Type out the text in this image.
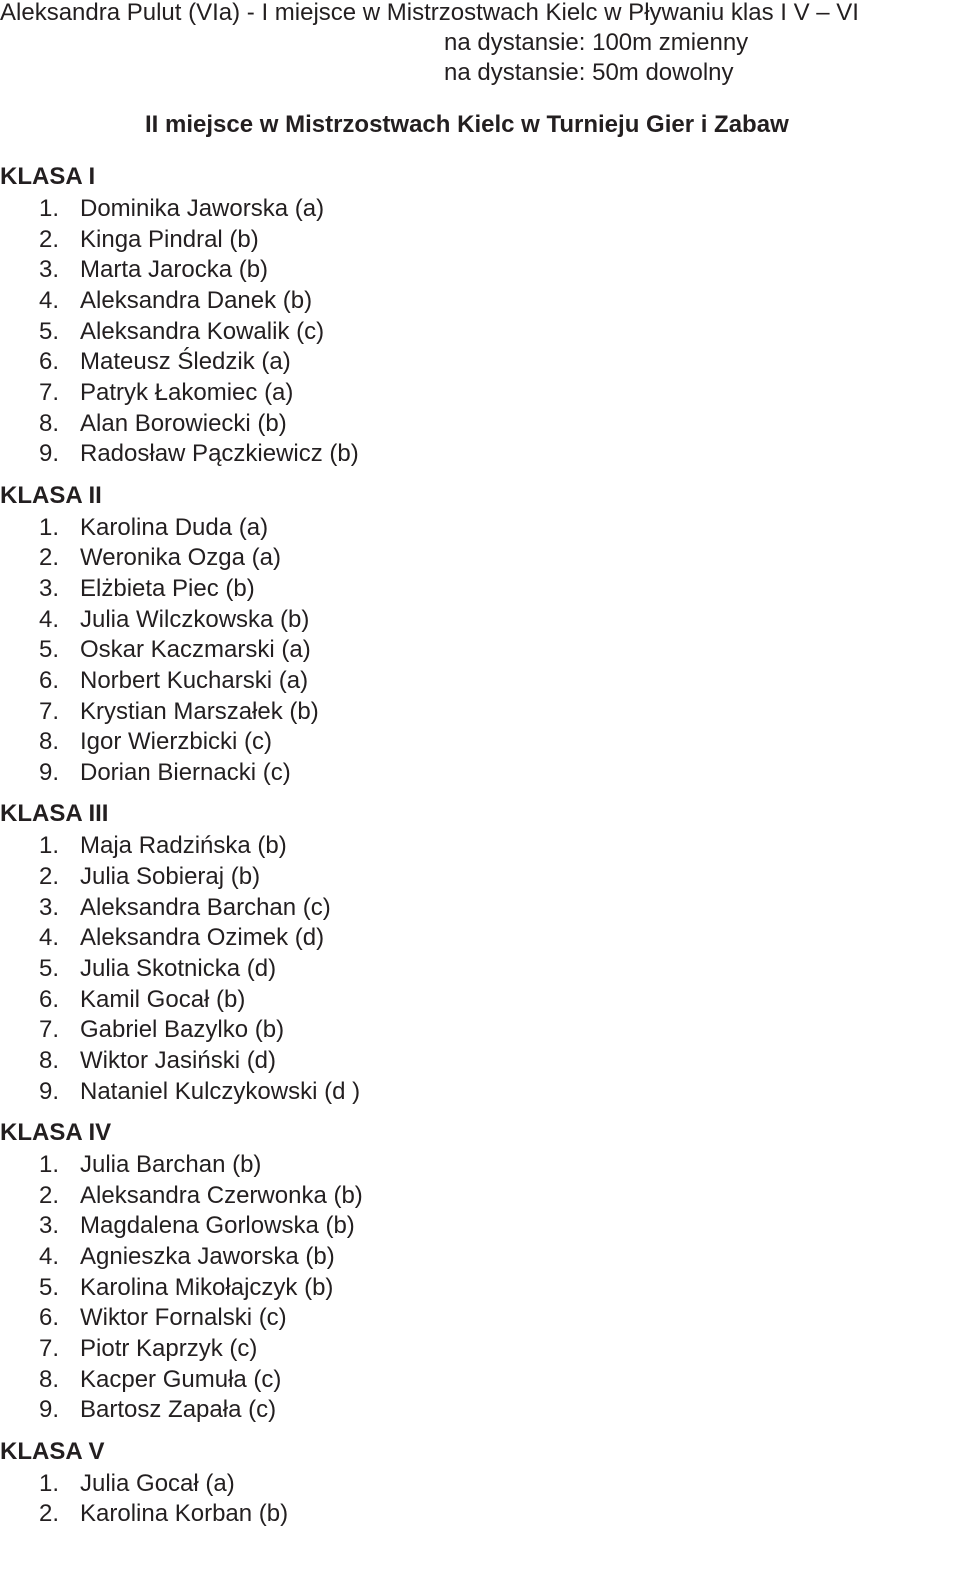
Aleksandra Pulut (VIa) - I miejsce w Mistrzostwach Kielc w Pływaniu klas I V – VI

na dystansie: 100m zmienny

na dystansie: 50m dowolny

II miejsce w Mistrzostwach Kielc w Turnieju Gier i Zabaw
KLASA I
1. Dominika Jaworska (a)
2. Kinga Pindral (b)
3. Marta Jarocka (b)
4. Aleksandra Danek (b)
5. Aleksandra Kowalik (c)
6. Mateusz Śledzik (a)
7. Patryk Łakomiec (a)
8. Alan Borowiecki (b)
9. Radosław Pączkiewicz (b)
KLASA II
1. Karolina Duda (a)
2. Weronika Ozga (a)
3. Elżbieta Piec (b)
4. Julia Wilczkowska (b)
5. Oskar Kaczmarski (a)
6. Norbert Kucharski (a)
7. Krystian Marszałek (b)
8. Igor Wierzbicki (c)
9. Dorian Biernacki (c)
KLASA III
1. Maja Radzińska (b)
2. Julia Sobieraj (b)
3. Aleksandra Barchan (c)
4. Aleksandra Ozimek (d)
5. Julia Skotnicka (d)
6. Kamil Gocał (b)
7. Gabriel Bazylko (b)
8. Wiktor Jasiński (d)
9. Nataniel Kulczykowski (d )
KLASA IV
1. Julia Barchan (b)
2. Aleksandra Czerwonka (b)
3. Magdalena Gorlowska (b)
4. Agnieszka Jaworska (b)
5. Karolina Mikołajczyk (b)
6. Wiktor Fornalski (c)
7. Piotr Kaprzyk (c)
8. Kacper Gumuła (c)
9. Bartosz Zapała (c)
KLASA V
1. Julia Gocał (a)
2. Karolina Korban (b)
